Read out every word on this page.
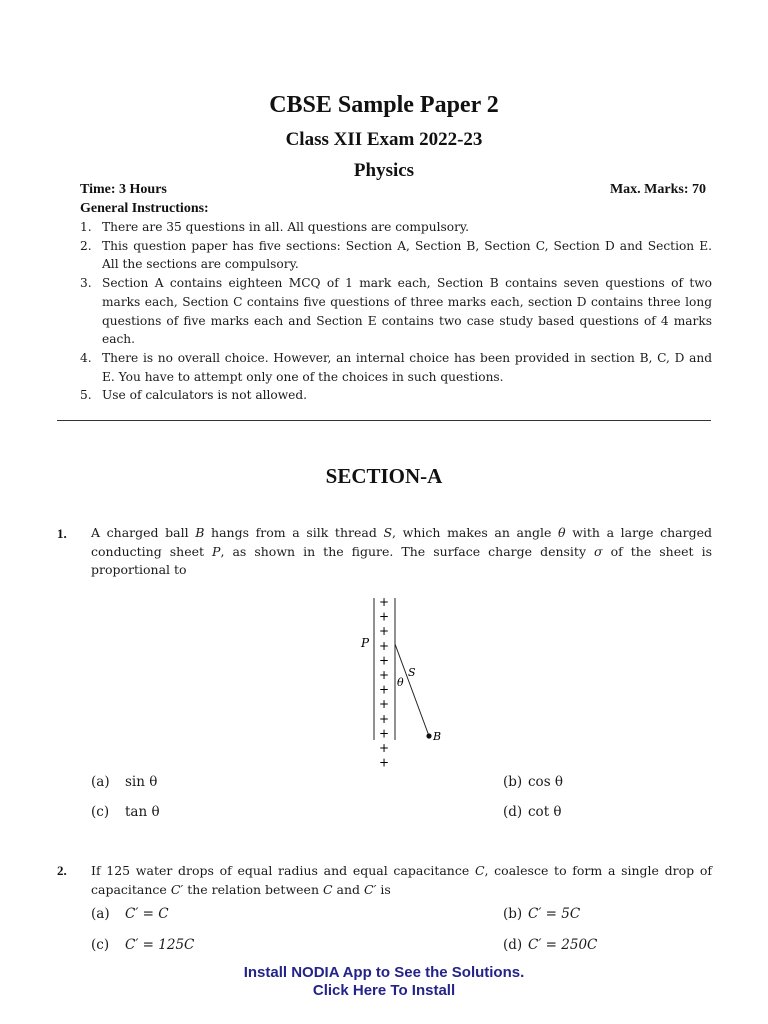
CBSE Sample Paper 2
Class XII Exam 2022-23
Physics
Time: 3 Hours	Max. Marks: 70
General Instructions:
1. There are 35 questions in all. All questions are compulsory.
2. This question paper has five sections: Section A, Section B, Section C, Section D and Section E. All the sections are compulsory.
3. Section A contains eighteen MCQ of 1 mark each, Section B contains seven questions of two marks each, Section C contains five questions of three marks each, section D contains three long questions of five marks each and Section E contains two case study based questions of 4 marks each.
4. There is no overall choice. However, an internal choice has been provided in section B, C, D and E. You have to attempt only one of the choices in such questions.
5. Use of calculators is not allowed.
SECTION-A
1. A charged ball B hangs from a silk thread S, which makes an angle θ with a large charged conducting sheet P, as shown in the figure. The surface charge density σ of the sheet is proportional to
+
+
+
+
+
+
+
+
+
+
+
+
P
S
θ
B
(a) sin θ	(b) cos θ
(c) tan θ	(d) cot θ
2. If 125 water drops of equal radius and equal capacitance C, coalesce to form a single drop of capacitance C′ the relation between C and C′ is
(a) C′ = C	(b) C′ = 5C
(c) C′ = 125C	(d) C′ = 250C
Install NODIA App to See the Solutions.
Click Here To Install
